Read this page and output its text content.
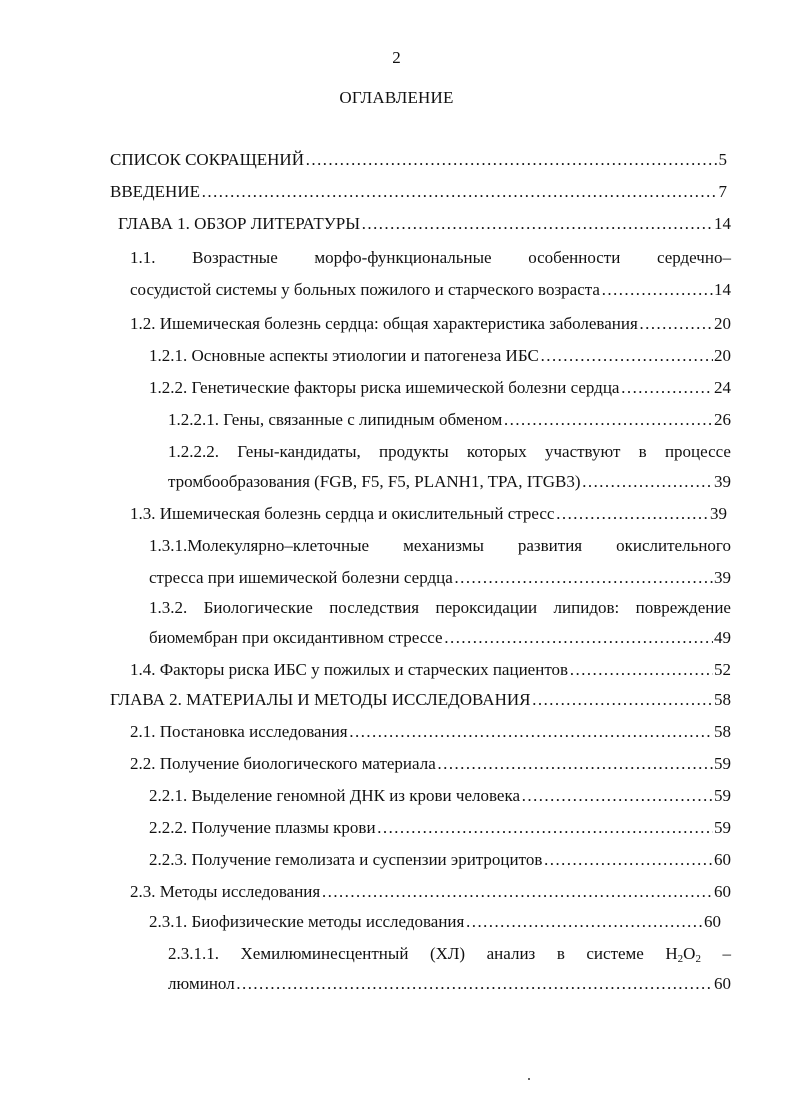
2
ОГЛАВЛЕНИЕ
СПИСОК СОКРАЩЕНИЙ …………………………………………………………………………………………………………………………………………………………	5
ВВЕДЕНИЕ …………………………………………………………………………………………………………………………………………………………	7
ГЛАВА 1. ОБЗОР ЛИТЕРАТУРЫ …………………………………………………………………………………………………………………………………………………………	14
1.1. Возрастные морфо-функциональные особенности сердечно–
сосудистой системы у больных пожилого и старческого возраста …………………………………………………………………………………………………………………………………………………………	14
1.2. Ишемическая болезнь сердца: общая характеристика заболевания …………………………………………………………………………………………………………………………………………………………	20
1.2.1. Основные аспекты этиологии и патогенеза ИБС …………………………………………………………………………………………………………………………………………………………	20
1.2.2. Генетические факторы риска ишемической болезни сердца …………………………………………………………………………………………………………………………………………………………	24
1.2.2.1. Гены, связанные с липидным обменом …………………………………………………………………………………………………………………………………………………………	26
1.2.2.2. Гены-кандидаты, продукты которых участвуют в процессе
тромбообразования (FGB, F5, F5, PLANH1, TPA, ITGB3) …………………………………………………………………………………………………………………………………………………………	39
1.3. Ишемическая болезнь сердца и окислительный стресс …………………………………………………………………………………………………………………………………………………………	39
1.3.1.Молекулярно–клеточные механизмы развития окислительного
стресса при ишемической болезни сердца …………………………………………………………………………………………………………………………………………………………	39
1.3.2. Биологические последствия пероксидации липидов: повреждение
биомембран при оксидантивном стрессе …………………………………………………………………………………………………………………………………………………………	49
1.4. Факторы риска ИБС у пожилых и старческих пациентов …………………………………………………………………………………………………………………………………………………………	52
ГЛАВА 2. МАТЕРИАЛЫ И МЕТОДЫ ИССЛЕДОВАНИЯ …………………………………………………………………………………………………………………………………………………………	58
2.1. Постановка исследования …………………………………………………………………………………………………………………………………………………………	58
2.2. Получение биологического материала …………………………………………………………………………………………………………………………………………………………	59
2.2.1. Выделение геномной ДНК из крови человека …………………………………………………………………………………………………………………………………………………………	59
2.2.2. Получение плазмы крови …………………………………………………………………………………………………………………………………………………………	59
2.2.3. Получение гемолизата и суспензии эритроцитов …………………………………………………………………………………………………………………………………………………………	60
2.3. Методы исследования …………………………………………………………………………………………………………………………………………………………	60
2.3.1. Биофизические методы исследования …………………………………………………………………………………………………………………………………………………………	60
2.3.1.1. Хемилюминесцентный (ХЛ) анализ в системе $H_2O_2$ –
люминол …………………………………………………………………………………………………………………………………………………………	60
